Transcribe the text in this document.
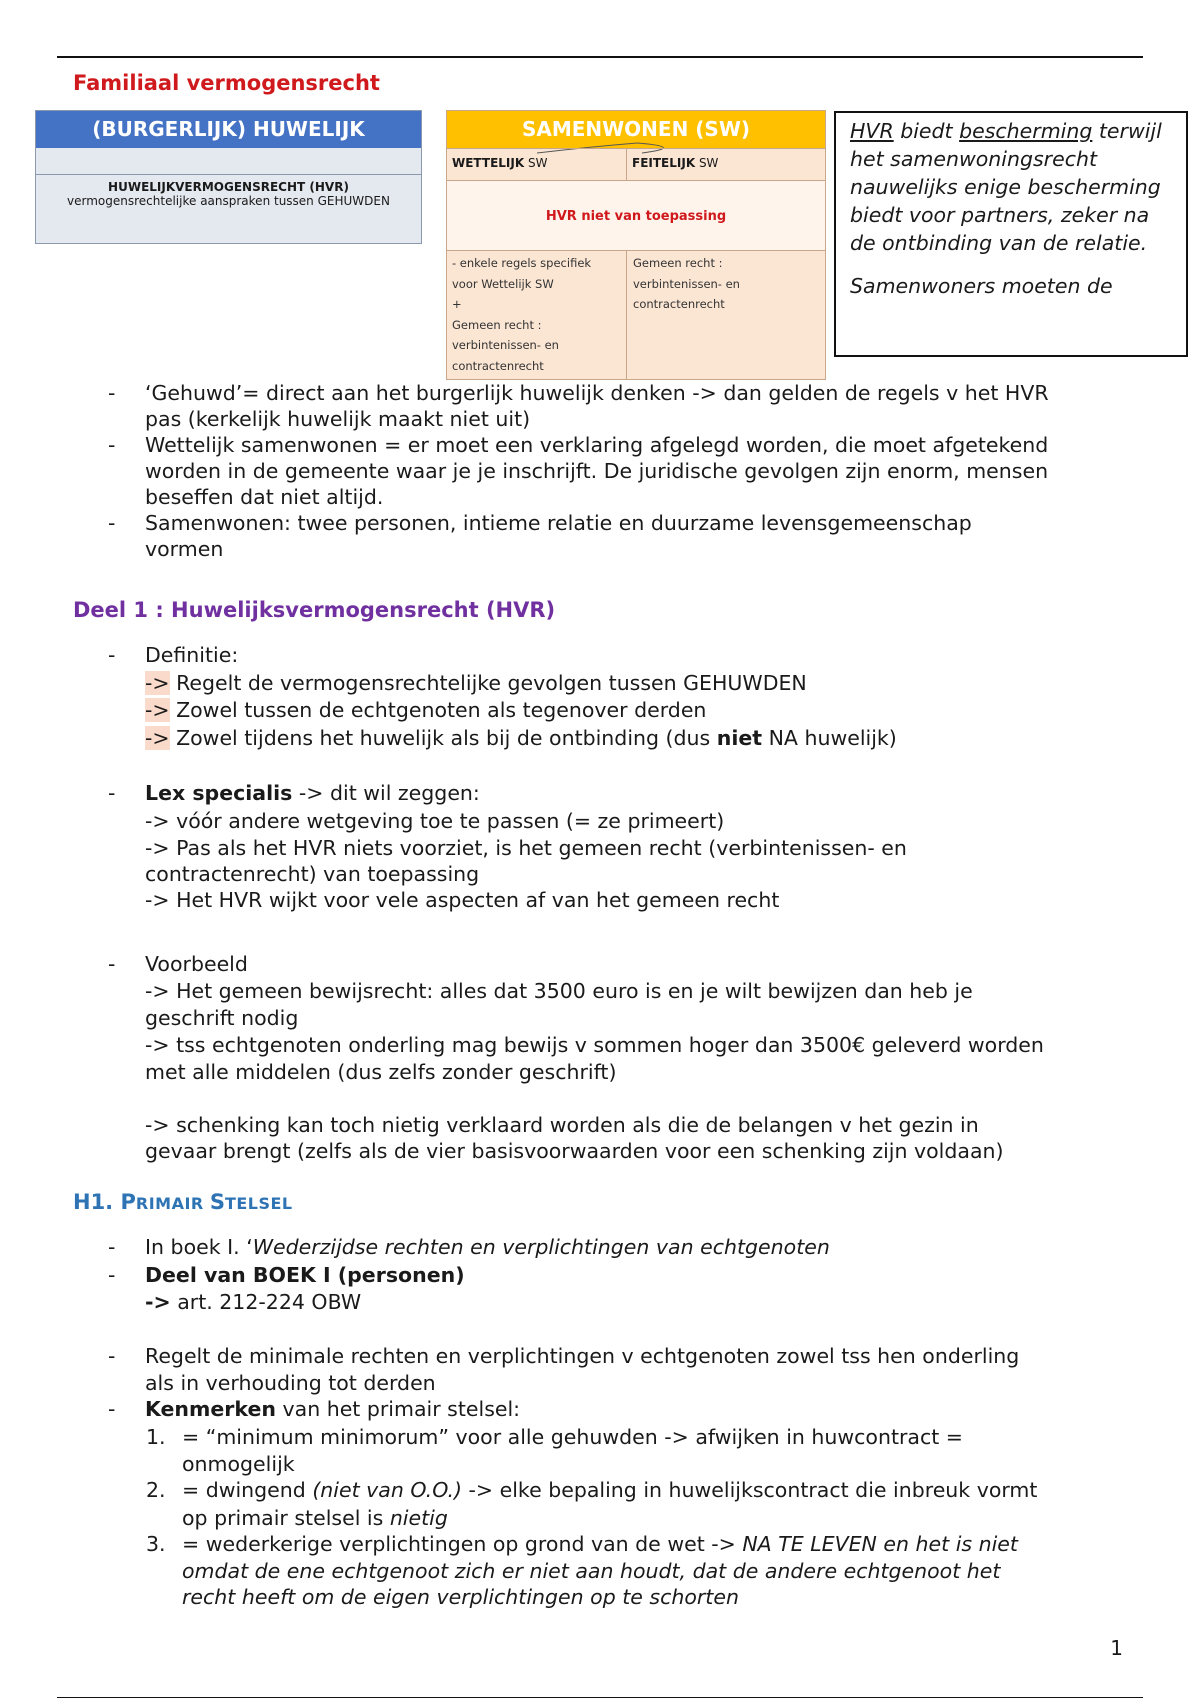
Familiaal vermogensrecht
(BURGERLIJK) HUWELIJK
HUWELIJKVERMOGENSRECHT (HVR)
vermogensrechtelijke aanspraken tussen GEHUWDEN
SAMENWONEN (SW)
WETTELIJK SW	FEITELIJK SW
HVR niet van toepassing
- enkele regels specifiek
voor Wettelijk SW
+
Gemeen recht :
verbintenissen- en
contractenrecht
Gemeen recht :
verbintenissen- en
contractenrecht

HVR biedt bescherming terwijl het samenwoningsrecht nauwelijks enige bescherming biedt voor partners, zeker na de ontbinding van de relatie.

Samenwoners moeten de

- ‘Gehuwd’= direct aan het burgerlijk huwelijk denken -> dan gelden de regels v het HVR
pas (kerkelijk huwelijk maakt niet uit)
- Wettelijk samenwonen = er moet een verklaring afgelegd worden, die moet afgetekend
worden in de gemeente waar je je inschrijft. De juridische gevolgen zijn enorm, mensen
beseffen dat niet altijd.
- Samenwonen: twee personen, intieme relatie en duurzame levensgemeenschap
vormen
Deel 1 : Huwelijksvermogensrecht (HVR)
- Definitie:
-> Regelt de vermogensrechtelijke gevolgen tussen GEHUWDEN
-> Zowel tussen de echtgenoten als tegenover derden
-> Zowel tijdens het huwelijk als bij de ontbinding (dus niet NA huwelijk)
- Lex specialis -> dit wil zeggen:
-> vóór andere wetgeving toe te passen (= ze primeert)
-> Pas als het HVR niets voorziet, is het gemeen recht (verbintenissen- en
contractenrecht) van toepassing
-> Het HVR wijkt voor vele aspecten af van het gemeen recht
- Voorbeeld
-> Het gemeen bewijsrecht: alles dat 3500 euro is en je wilt bewijzen dan heb je
geschrift nodig
-> tss echtgenoten onderling mag bewijs v sommen hoger dan 3500€ geleverd worden
met alle middelen (dus zelfs zonder geschrift)
-> schenking kan toch nietig verklaard worden als die de belangen v het gezin in
gevaar brengt (zelfs als de vier basisvoorwaarden voor een schenking zijn voldaan)
H1. PRIMAIR STELSEL
- In boek I. ‘Wederzijdse rechten en verplichtingen van echtgenoten
- Deel van BOEK I (personen)
-> art. 212-224 OBW
- Regelt de minimale rechten en verplichtingen v echtgenoten zowel tss hen onderling
als in verhouding tot derden
- Kenmerken van het primair stelsel:
1. = “minimum minimorum” voor alle gehuwden -> afwijken in huwcontract =
onmogelijk
2. = dwingend (niet van O.O.) -> elke bepaling in huwelijkscontract die inbreuk vormt
op primair stelsel is nietig
3. = wederkerige verplichtingen op grond van de wet -> NA TE LEVEN en het is niet
omdat de ene echtgenoot zich er niet aan houdt, dat de andere echtgenoot het
recht heeft om de eigen verplichtingen op te schorten
1
